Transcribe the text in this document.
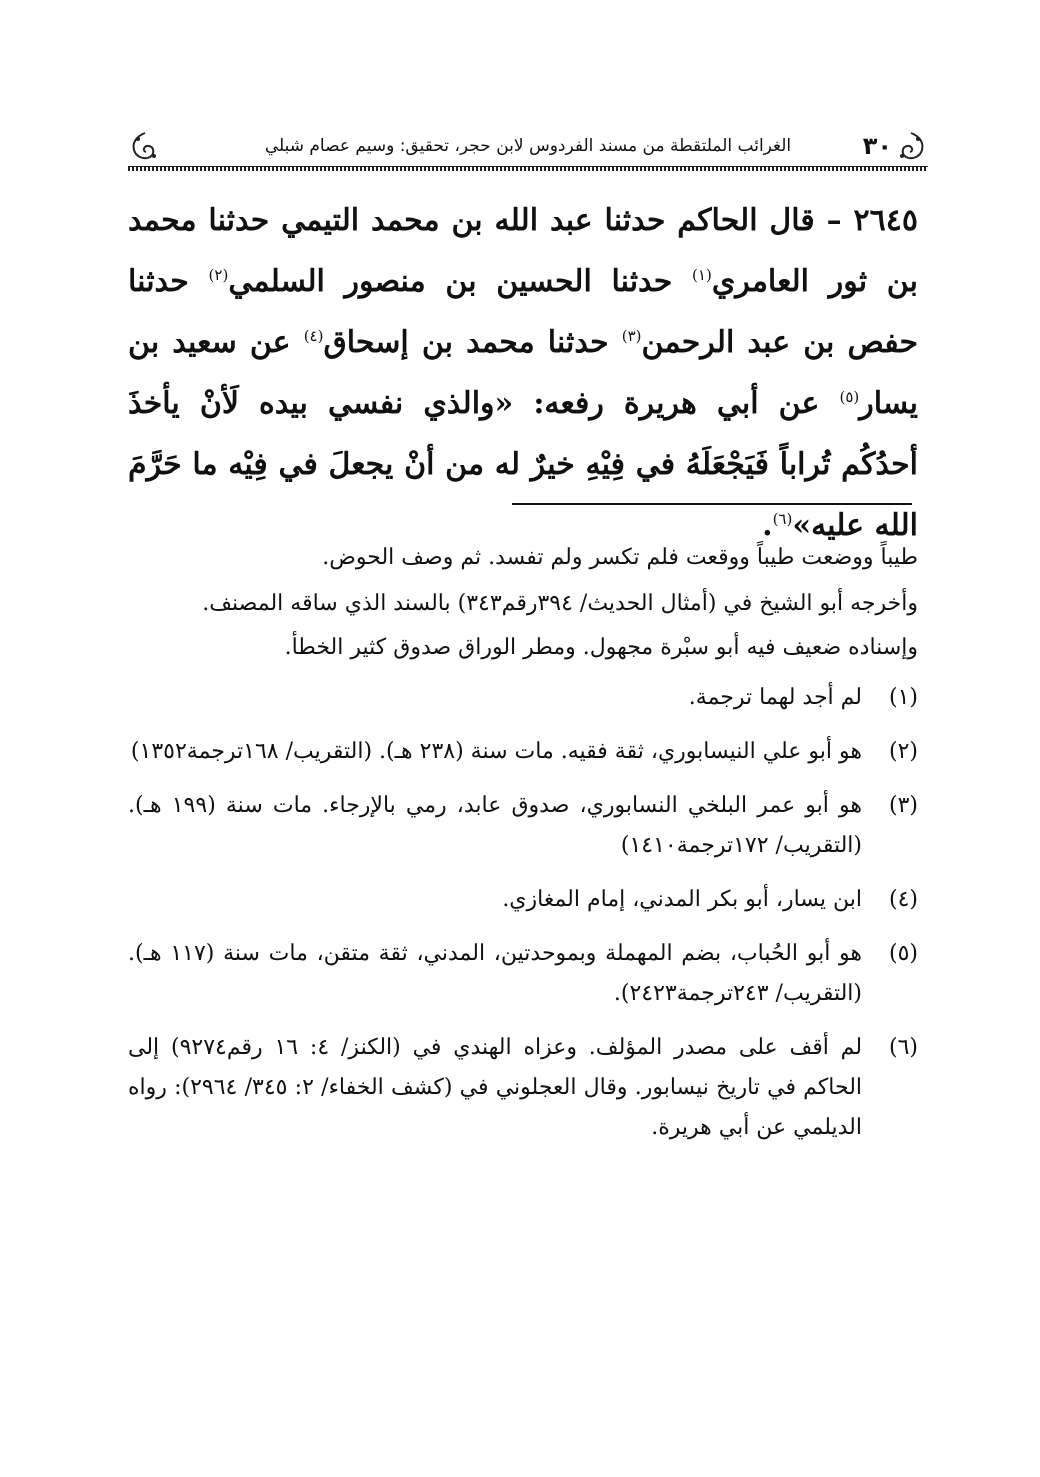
٣٠
الغرائب الملتقطة من مسند الفردوس لابن حجر، تحقيق: وسيم عصام شبلي

٢٦٤٥ – قال الحاكم حدثنا عبد الله بن محمد التيمي حدثنا محمد بن ثور العامري$^{(١)}$ حدثنا الحسين بن منصور السلمي$^{(٢)}$ حدثنا حفص بن عبد الرحمن$^{(٣)}$ حدثنا محمد بن إسحاق$^{(٤)}$ عن سعيد بن يسار$^{(٥)}$ عن أبي هريرة رفعه: «والذي نفسي بيده لَأنْ يأخذَ أحدُكُم تُراباً فَيَجْعَلَهُ في فِيْهِ خيرٌ له من أنْ يجعلَ في فِيْه ما حَرَّمَ الله عليه»$^{(٦)}$.

طيباً ووضعت طيباً ووقعت فلم تكسر ولم تفسد. ثم وصف الحوض.

وأخرجه أبو الشيخ في (أمثال الحديث/ ٣٩٤رقم٣٤٣) بالسند الذي ساقه المصنف.

وإسناده ضعيف فيه أبو سبْرة مجهول. ومطر الوراق صدوق كثير الخطأ.

(١)
لم أجد لهما ترجمة.
(٢)
هو أبو علي النيسابوري، ثقة فقيه. مات سنة (٢٣٨ هـ). (التقريب/ ١٦٨ترجمة١٣٥٢)
(٣)
هو أبو عمر البلخي النسابوري، صدوق عابد، رمي بالإرجاء. مات سنة (١٩٩ هـ). (التقريب/ ١٧٢ترجمة١٤١٠)
(٤)
ابن يسار، أبو بكر المدني، إمام المغازي.
(٥)
هو أبو الحُباب، بضم المهملة وبموحدتين، المدني، ثقة متقن، مات سنة (١١٧ هـ). (التقريب/ ٢٤٣ترجمة٢٤٢٣).
(٦)
لم أقف على مصدر المؤلف. وعزاه الهندي في (الكنز/ ٤: ١٦ رقم٩٢٧٤) إلى الحاكم في تاريخ نيسابور. وقال العجلوني في (كشف الخفاء/ ٢: ٣٤٥/ ٢٩٦٤): رواه الديلمي عن أبي هريرة.
